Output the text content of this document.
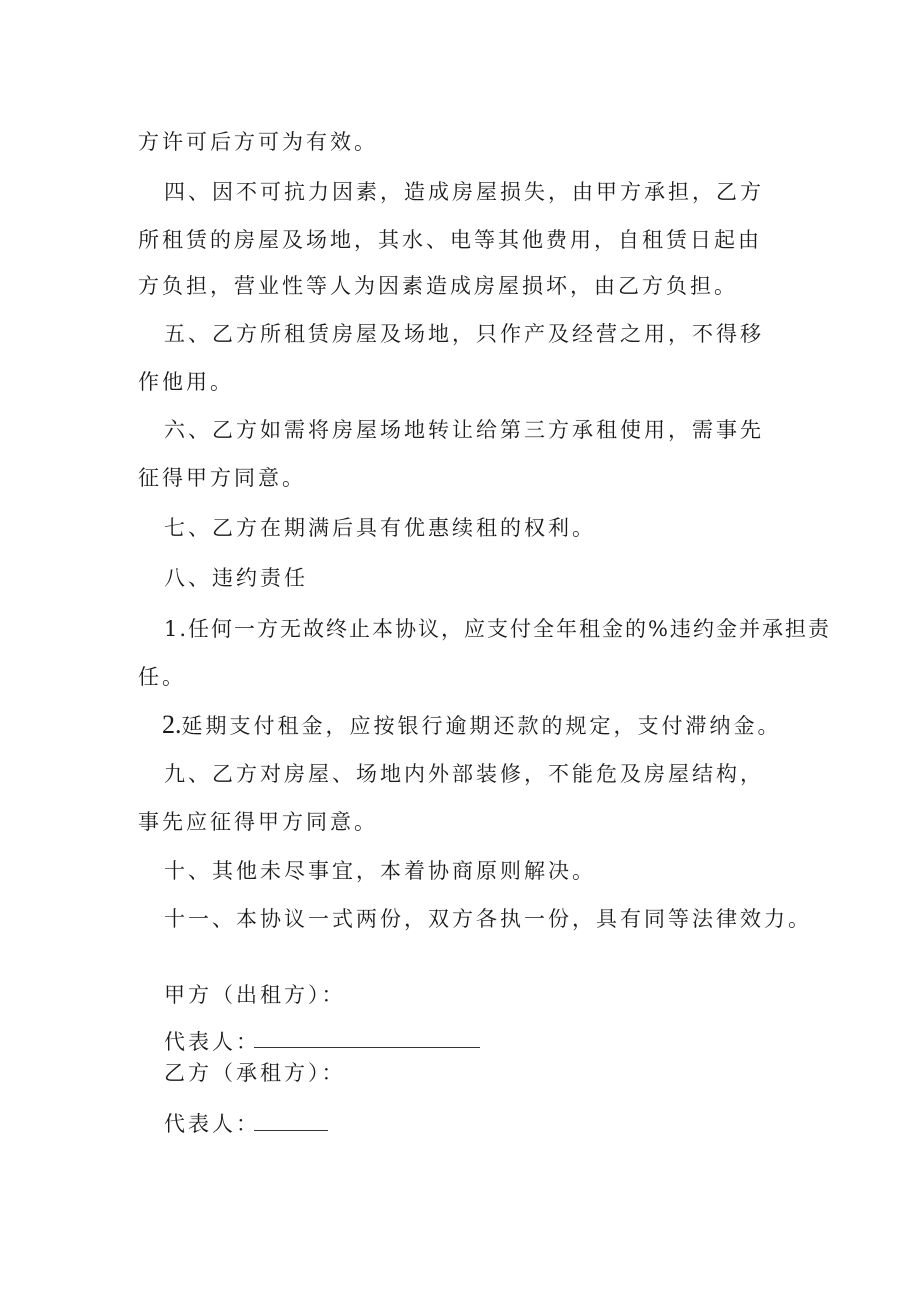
方许可后方可为有效。
四、因不可抗力因素，造成房屋损失，由甲方承担，乙方
所租赁的房屋及场地，其水、电等其他费用，自租赁日起由
方负担，营业性等人为因素造成房屋损坏，由乙方负担。
五、乙方所租赁房屋及场地，只作产及经营之用，不得移
作他用。
六、乙方如需将房屋场地转让给第三方承租使用，需事先
征得甲方同意。
七、乙方在期满后具有优惠续租的权利。
八、违约责任
1.任何一方无故终止本协议，应支付全年租金的%违约金并承担责
任。
2.延期支付租金，应按银行逾期还款的规定，支付滞纳金。
九、乙方对房屋、场地内外部装修，不能危及房屋结构，
事先应征得甲方同意。
十、其他未尽事宜，本着协商原则解决。
十一、本协议一式两份，双方各执一份，具有同等法律效力。
甲方（出租方）：
代表人：
乙方（承租方）：
代表人：
